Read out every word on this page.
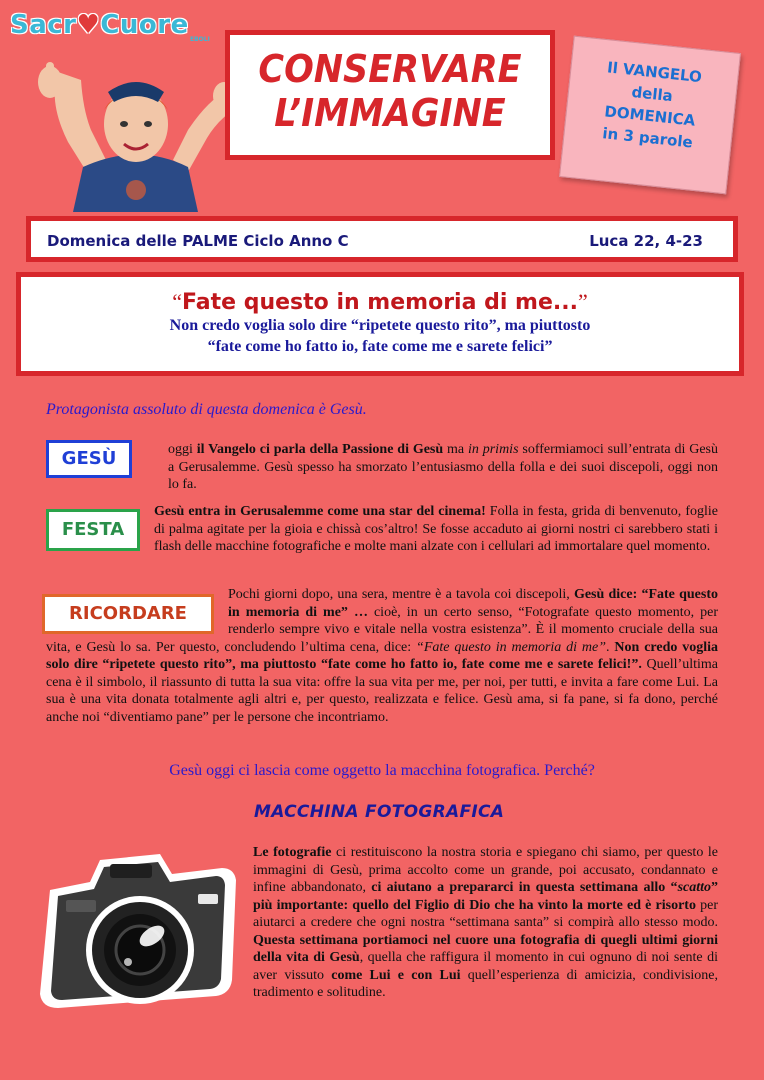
Sacr♥Cuore EBOLI
CONSERVARE
L’IMMAGINE
Il VANGELO
della
DOMENICA
in 3 parole
Domenica delle PALME Ciclo Anno C	Luca 22, 4-23
“Fate questo in memoria di me...”
Non credo voglia solo dire “ripetete questo rito”, ma piuttosto
“fate come ho fatto io, fate come me e sarete felici”
Protagonista assoluto di questa domenica è Gesù.
oggi il Vangelo ci parla della Passione di Gesù ma in primis soffermiamoci sull’entrata di Gesù a Gerusalemme. Gesù spesso ha smorzato l’entusiasmo della folla e dei suoi discepoli, oggi non lo fa.
GESÙ
Gesù entra in Gerusalemme come una star del cinema! Folla in festa, grida di benvenuto, foglie di palma agitate per la gioia e chissà cos’altro! Se fosse accaduto ai giorni nostri ci sarebbero stati i flash delle macchine fotografiche e molte mani alzate con i cellulari ad immortalare quel momento.
FESTA
Pochi giorni dopo, una sera, mentre è a tavola coi discepoli, Gesù dice: “Fate questo in memoria di me” … cioè, in un certo senso, “Fotografate questo momento, per renderlo sempre vivo e vitale nella vostra esistenza”. È il momento cruciale della sua vita, e Gesù lo sa. Per questo, concludendo l’ultima cena, dice: “Fate questo in memoria di me”. Non credo voglia solo dire “ripetete questo rito”, ma piuttosto “fate come ho fatto io, fate come me e sarete felici!”. Quell’ultima cena è il simbolo, il riassunto di tutta la sua vita: offre la sua vita per me, per noi, per tutti, e invita a fare come Lui. La sua è una vita donata totalmente agli altri e, per questo, realizzata e felice. Gesù ama, si fa pane, si fa dono, perché anche noi “diventiamo pane” per le persone che incontriamo.
RICORDARE
Gesù oggi ci lascia come oggetto la macchina fotografica. Perché?
MACCHINA FOTOGRAFICA
Le fotografie ci restituiscono la nostra storia e spiegano chi siamo, per questo le immagini di Gesù, prima accolto come un grande, poi accusato, condannato e infine abbandonato, ci aiutano a prepararci in questa settimana allo “scatto” più importante: quello del Figlio di Dio che ha vinto la morte ed è risorto per aiutarci a credere che ogni nostra “settimana santa” si compirà allo stesso modo. Questa settimana portiamoci nel cuore una fotografia di quegli ultimi giorni della vita di Gesù, quella che raffigura il momento in cui ognuno di noi sente di aver vissuto come Lui e con Lui quell’esperienza di amicizia, condivisione, tradimento e solitudine.
